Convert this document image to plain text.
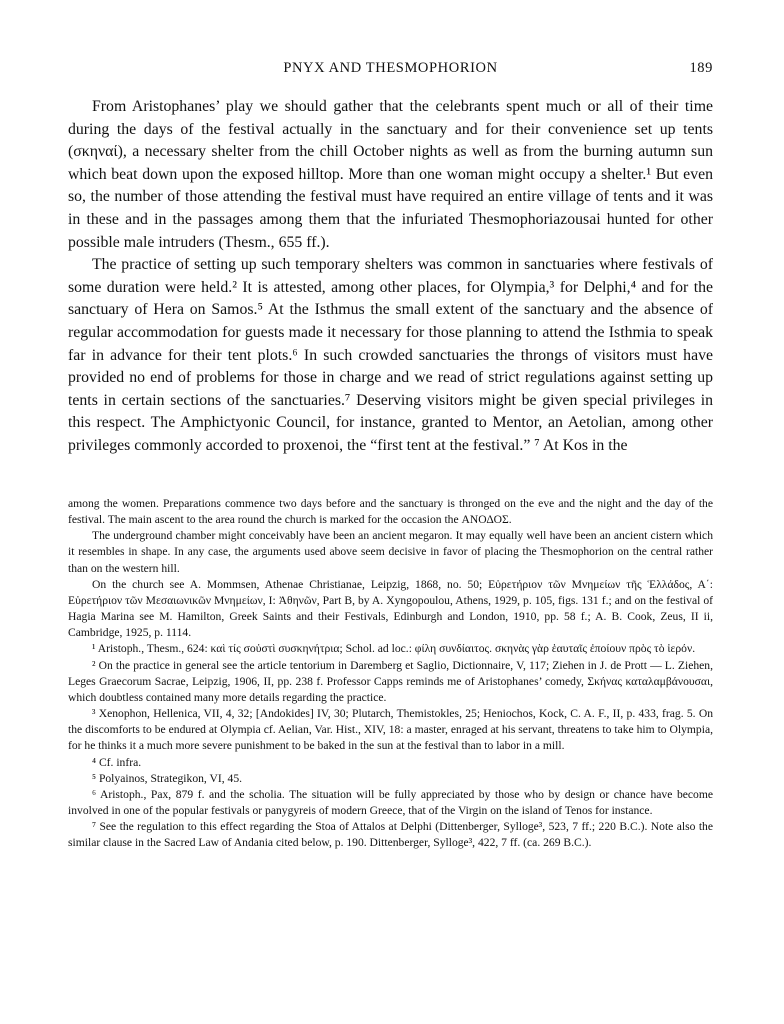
PNYX AND THESMOPHORION	189

From Aristophanes’ play we should gather that the celebrants spent much or all of their time during the days of the festival actually in the sanctuary and for their convenience set up tents (σκηναί), a necessary shelter from the chill October nights as well as from the burning autumn sun which beat down upon the exposed hilltop. More than one woman might occupy a shelter.¹ But even so, the number of those attending the festival must have required an entire village of tents and it was in these and in the passages among them that the infuriated Thesmophoriazousai hunted for other possible male intruders (Thesm., 655 ff.).

The practice of setting up such temporary shelters was common in sanctuaries where festivals of some duration were held.² It is attested, among other places, for Olympia,³ for Delphi,⁴ and for the sanctuary of Hera on Samos.⁵ At the Isthmus the small extent of the sanctuary and the absence of regular accommodation for guests made it necessary for those planning to attend the Isthmia to speak far in advance for their tent plots.⁶ In such crowded sanctuaries the throngs of visitors must have provided no end of problems for those in charge and we read of strict regulations against setting up tents in certain sections of the sanctuaries.⁷ Deserving visitors might be given special privileges in this respect. The Amphictyonic Council, for instance, granted to Mentor, an Aetolian, among other privileges commonly accorded to proxenoi, the “first tent at the festival.” ⁷ At Kos in the

among the women. Preparations commence two days before and the sanctuary is thronged on the eve and the night and the day of the festival. The main ascent to the area round the church is marked for the occasion the ΑΝΟΔΟΣ.

The underground chamber might conceivably have been an ancient megaron. It may equally well have been an ancient cistern which it resembles in shape. In any case, the arguments used above seem decisive in favor of placing the Thesmophorion on the central rather than on the western hill.

On the church see A. Mommsen, Athenae Christianae, Leipzig, 1868, no. 50; Εὑρετήριον τῶν Μνημείων τῆς Ἑλλάδος, Α΄: Εὑρετήριον τῶν Μεσαιωνικῶν Μνημείων, Ι: Ἀθηνῶν, Part B, by A. Xyngopoulou, Athens, 1929, p. 105, figs. 131 f.; and on the festival of Hagia Marina see M. Hamilton, Greek Saints and their Festivals, Edinburgh and London, 1910, pp. 58 f.; A. B. Cook, Zeus, II ii, Cambridge, 1925, p. 1114.

¹ Aristoph., Thesm., 624: καὶ τίς σοὐστὶ συσκηνήτρια; Schol. ad loc.: φίλη συνδίαιτος. σκηνὰς γὰρ ἑαυταῖς ἐποίουν πρὸς τὸ ἱερόν.

² On the practice in general see the article tentorium in Daremberg et Saglio, Dictionnaire, V, 117; Ziehen in J. de Prott — L. Ziehen, Leges Graecorum Sacrae, Leipzig, 1906, II, pp. 238 f. Professor Capps reminds me of Aristophanes’ comedy, Σκήνας καταλαμβάνουσαι, which doubtless contained many more details regarding the practice.

³ Xenophon, Hellenica, VII, 4, 32; [Andokides] IV, 30; Plutarch, Themistokles, 25; Heniochos, Kock, C. A. F., II, p. 433, frag. 5. On the discomforts to be endured at Olympia cf. Aelian, Var. Hist., XIV, 18: a master, enraged at his servant, threatens to take him to Olympia, for he thinks it a much more severe punishment to be baked in the sun at the festival than to labor in a mill.

⁴ Cf. infra.

⁵ Polyainos, Strategikon, VI, 45.

⁶ Aristoph., Pax, 879 f. and the scholia. The situation will be fully appreciated by those who by design or chance have become involved in one of the popular festivals or panygyreis of modern Greece, that of the Virgin on the island of Tenos for instance.

⁷ See the regulation to this effect regarding the Stoa of Attalos at Delphi (Dittenberger, Sylloge³, 523, 7 ff.; 220 B.C.). Note also the similar clause in the Sacred Law of Andania cited below, p. 190. Dittenberger, Sylloge³, 422, 7 ff. (ca. 269 B.C.).
